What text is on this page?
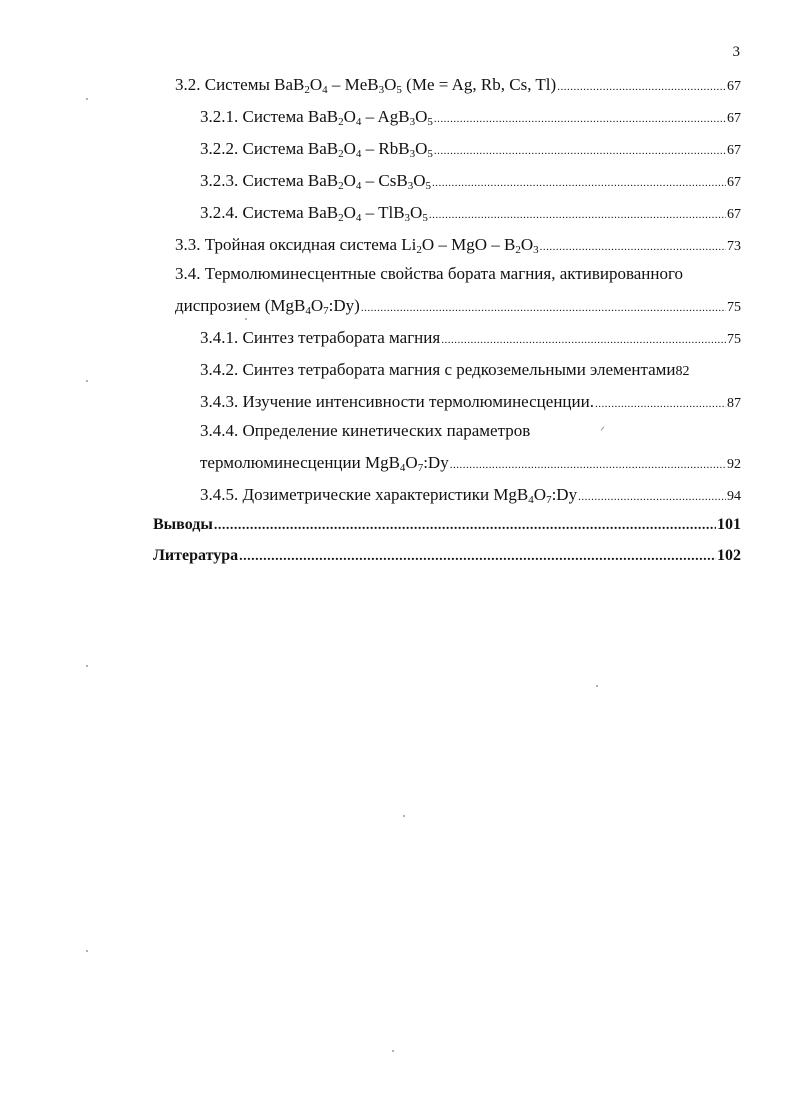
3
3.2. Системы $BaB_2O_4 - MeB_3O_5$ (Me = Ag, Rb, Cs, Tl) .....	67
3.2.1. Система $BaB_2O_4 - AgB_3O_5$ .....	67
3.2.2. Система $BaB_2O_4 - RbB_3O_5$ .....	67
3.2.3. Система $BaB_2O_4 - CsB_3O_5$ .....	67
3.2.4. Система $BaB_2O_4 - TlB_3O_5$ .....	67
3.3. Тройная оксидная система $Li_2O$ – MgO – $B_2O_3$ .....	73
3.4. Термолюминесцентные свойства бората магния, активированного
диспрозием $(MgB_4O_7:Dy)$ .....	75
3.4.1. Синтез тетрабората магния .....	75
3.4.2. Синтез тетрабората магния с редкоземельными элементами 82
3.4.3. Изучение интенсивности термолюминесценции. .....	87
3.4.4. Определение кинетических параметров
термолюминесценции $MgB_4O_7:Dy$ .....	92
3.4.5. Дозиметрические характеристики $MgB_4O_7:Dy$ .....	94
Выводы .....	101
Литература .....	102
